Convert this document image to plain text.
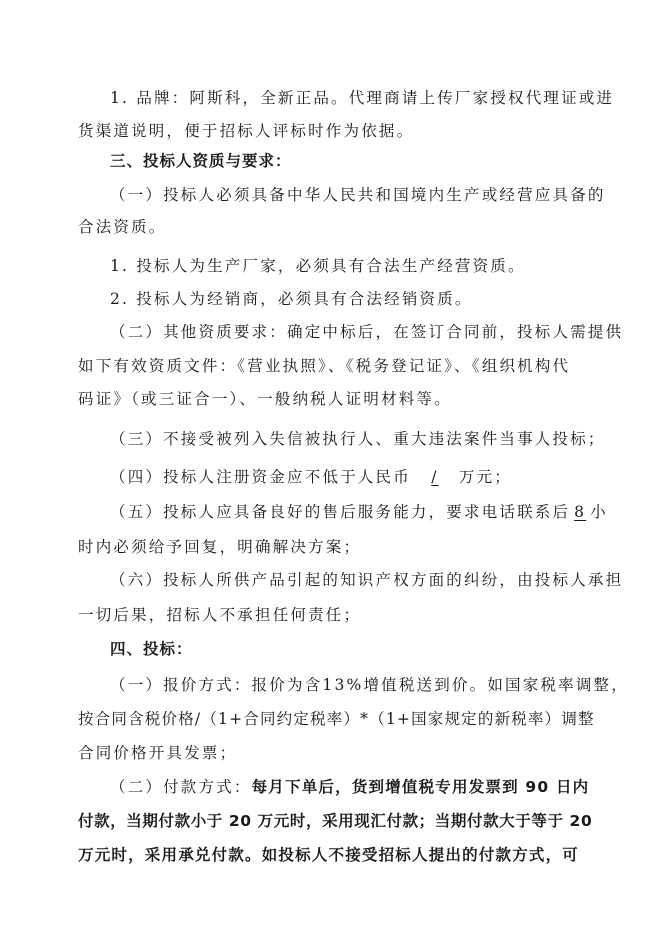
1. 品牌：阿斯科，全新正品。代理商请上传厂家授权代理证或进
货渠道说明，便于招标人评标时作为依据。
三、投标人资质与要求：
（一）投标人必须具备中华人民共和国境内生产或经营应具备的
合法资质。
1. 投标人为生产厂家，必须具有合法生产经营资质。
2. 投标人为经销商，必须具有合法经销资质。
（二）其他资质要求：确定中标后，在签订合同前，投标人需提供
如下有效资质文件：《营业执照》、《税务登记证》、《组织机构代
码证》（或三证合一）、一般纳税人证明材料等。
（三）不接受被列入失信被执行人、重大违法案件当事人投标；
（四）投标人注册资金应不低于人民币 / 万元；
（五）投标人应具备良好的售后服务能力，要求电话联系后 8 小
时内必须给予回复，明确解决方案；
（六）投标人所供产品引起的知识产权方面的纠纷，由投标人承担
一切后果，招标人不承担任何责任；
四、投标：
（一）报价方式：报价为含13%增值税送到价。如国家税率调整，
按合同含税价格/（1+合同约定税率）*（1+国家规定的新税率）调整
合同价格开具发票；
（二）付款方式：每月下单后，货到增值税专用发票到 90 日内
付款，当期付款小于 20 万元时，采用现汇付款；当期付款大于等于 20
万元时，采用承兑付款。如投标人不接受招标人提出的付款方式，可
